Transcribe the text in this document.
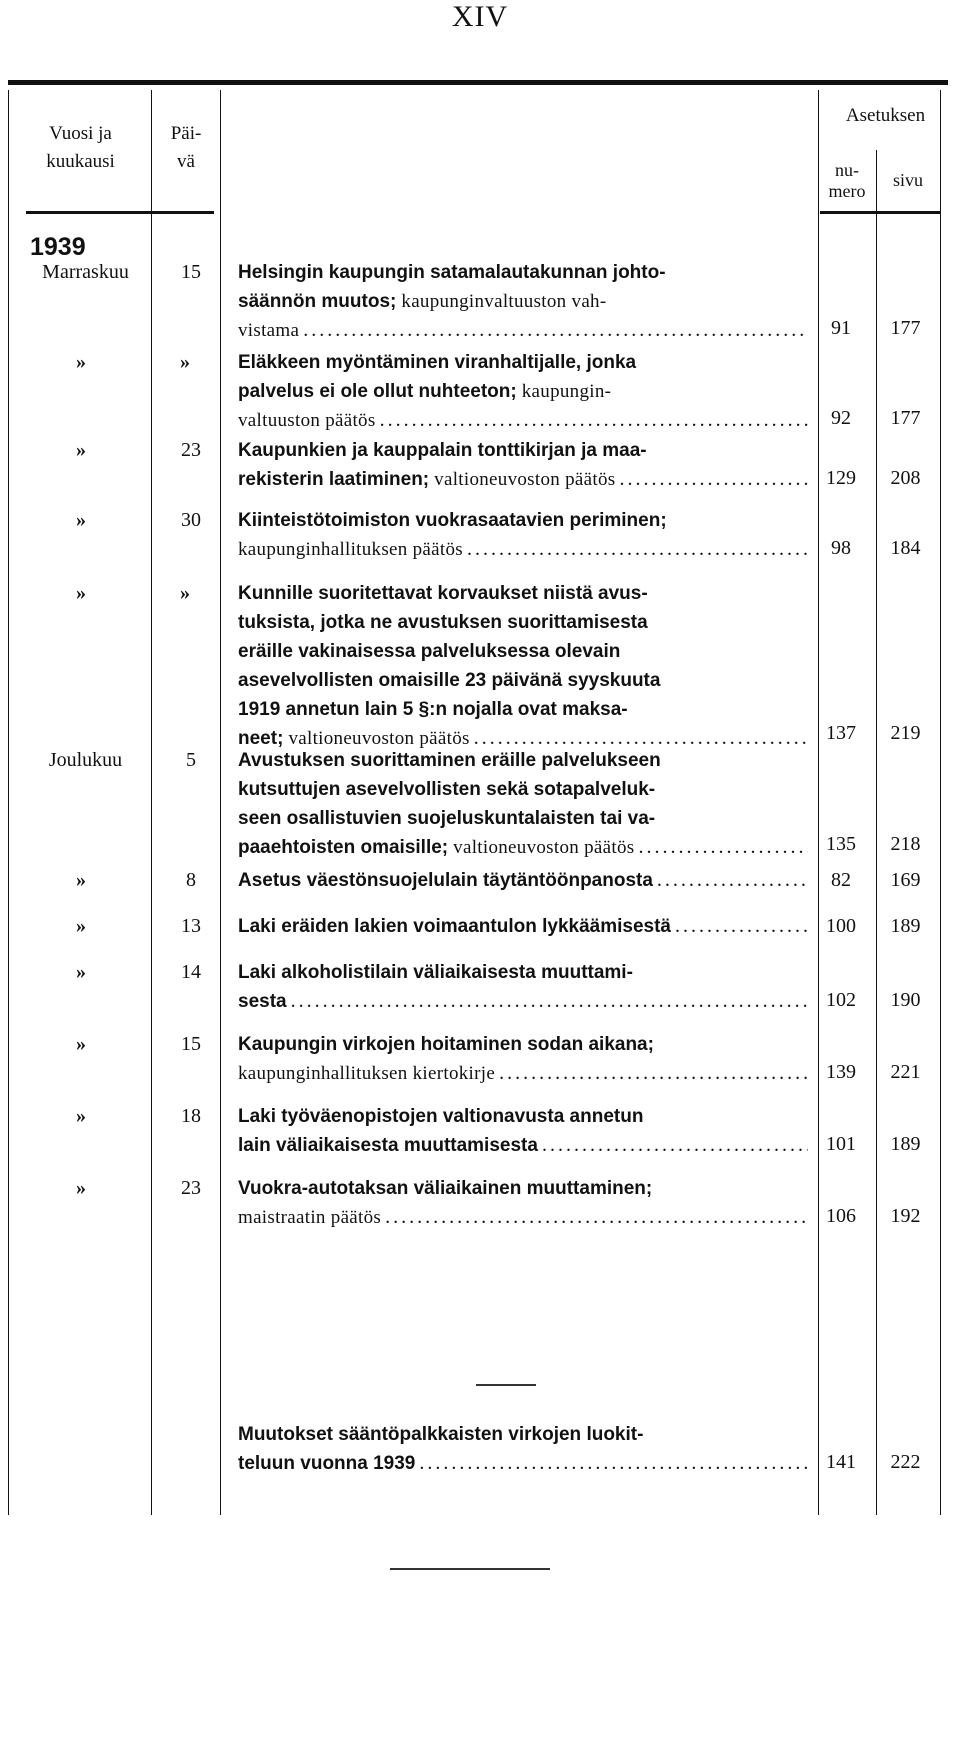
XIV
Vuosi ja
kuukausi
Päi-
vä
Asetuksen
nu-
mero
sivu
1939
Marraskuu	15	Helsingin kaupungin satamalautakunnan johto-
säännön muutos; kaupunginvaltuuston vah-
vistama .....	91	177
»	»	Eläkkeen myöntäminen viranhaltijalle, jonka
palvelus ei ole ollut nuhteeton; kaupungin-
valtuuston päätös .....	92	177
»	23	Kaupunkien ja kauppalain tonttikirjan ja maa-
rekisterin laatiminen; valtioneuvoston päätös .....	129	208
»	30	Kiinteistötoimiston vuokrasaatavien periminen;
kaupunginhallituksen päätös .....	98	184
»	»	Kunnille suoritettavat korvaukset niistä avus-
tuksista, jotka ne avustuksen suorittamisesta
eräille vakinaisessa palveluksessa olevain
asevelvollisten omaisille 23 päivänä syyskuuta
1919 annetun lain 5 §:n nojalla ovat maksa-
neet; valtioneuvoston päätös .....	137	219
Joulukuu	5	Avustuksen suorittaminen eräille palvelukseen
kutsuttujen asevelvollisten sekä sotapalveluk-
seen osallistuvien suojeluskuntalaisten tai va-
paaehtoisten omaisille; valtioneuvoston päätös .....	135	218
»	8	Asetus väestönsuojelulain täytäntöönpanosta .....	82	169
»	13	Laki eräiden lakien voimaantulon lykkäämisestä .....	100	189
»	14	Laki alkoholistilain väliaikaisesta muuttami-
sesta .....	102	190
»	15	Kaupungin virkojen hoitaminen sodan aikana;
kaupunginhallituksen kiertokirje .....	139	221
»	18	Laki työväenopistojen valtionavusta annetun
lain väliaikaisesta muuttamisesta .....	101	189
»	23	Vuokra-autotaksan väliaikainen muuttaminen;
maistraatin päätös .....	106	192
Muutokset sääntöpalkkaisten virkojen luokit-
teluun vuonna 1939 .....	141	222
